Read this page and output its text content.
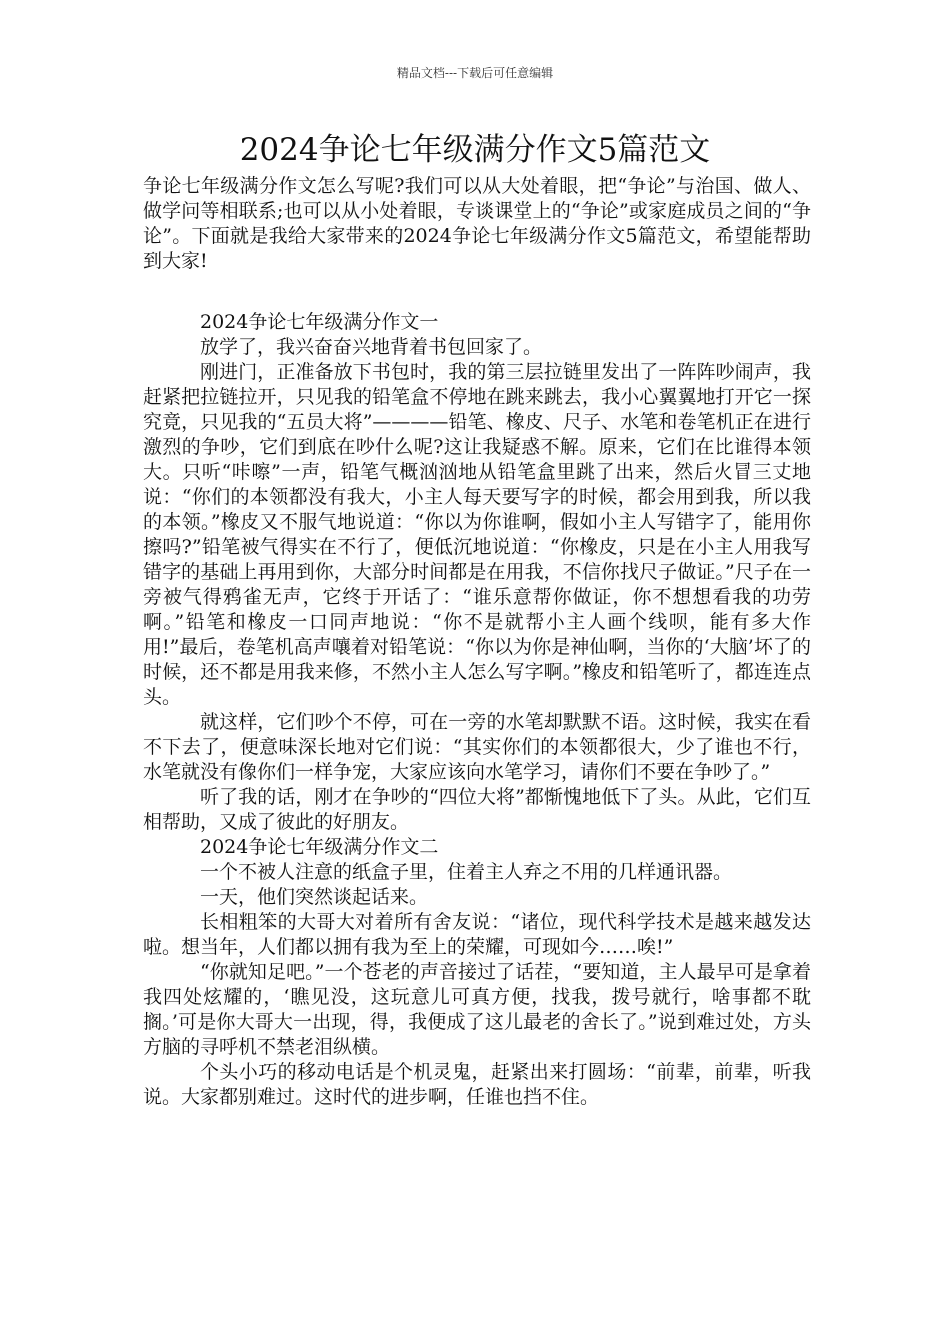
精品文档---下载后可任意编辑
2024争论七年级满分作文5篇范文

争论七年级满分作文怎么写呢?我们可以从大处着眼，把“争论”与治国、做人、做学问等相联系;也可以从小处着眼，专谈课堂上的“争论”或家庭成员之间的“争论”。下面就是我给大家带来的2024争论七年级满分作文5篇范文，希望能帮助到大家!

2024争论七年级满分作文一

放学了，我兴奋奋兴地背着书包回家了。

刚进门，正准备放下书包时，我的第三层拉链里发出了一阵阵吵闹声，我赶紧把拉链拉开，只见我的铅笔盒不停地在跳来跳去，我小心翼翼地打开它一探究竟，只见我的“五员大将”————铅笔、橡皮、尺子、水笔和卷笔机正在进行激烈的争吵，它们到底在吵什么呢?这让我疑惑不解。原来，它们在比谁得本领大。只听“咔嚓”一声，铅笔气概汹汹地从铅笔盒里跳了出来，然后火冒三丈地说：“你们的本领都没有我大，小主人每天要写字的时候，都会用到我，所以我的本领。”橡皮又不服气地说道：“你以为你谁啊，假如小主人写错字了，能用你擦吗?”铅笔被气得实在不行了，便低沉地说道：“你橡皮，只是在小主人用我写错字的基础上再用到你，大部分时间都是在用我，不信你找尺子做证。”尺子在一旁被气得鸦雀无声，它终于开话了：“谁乐意帮你做证，你不想想看我的功劳啊。”铅笔和橡皮一口同声地说：“你不是就帮小主人画个线呗，能有多大作用!”最后，卷笔机高声嚷着对铅笔说：“你以为你是神仙啊，当你的‘大脑’坏了的时候，还不都是用我来修，不然小主人怎么写字啊。”橡皮和铅笔听了，都连连点头。

就这样，它们吵个不停，可在一旁的水笔却默默不语。这时候，我实在看不下去了，便意味深长地对它们说：“其实你们的本领都很大，少了谁也不行，水笔就没有像你们一样争宠，大家应该向水笔学习，请你们不要在争吵了。”

听了我的话，刚才在争吵的“四位大将”都惭愧地低下了头。从此，它们互相帮助，又成了彼此的好朋友。

2024争论七年级满分作文二

一个不被人注意的纸盒子里，住着主人弃之不用的几样通讯器。

一天，他们突然谈起话来。

长相粗笨的大哥大对着所有舍友说：“诸位，现代科学技术是越来越发达啦。想当年，人们都以拥有我为至上的荣耀，可现如今……唉!”

“你就知足吧。”一个苍老的声音接过了话茬，“要知道，主人最早可是拿着我四处炫耀的，‘瞧见没，这玩意儿可真方便，找我，拨号就行，啥事都不耽搁。’可是你大哥大一出现，得，我便成了这儿最老的舍长了。”说到难过处，方头方脑的寻呼机不禁老泪纵横。

个头小巧的移动电话是个机灵鬼，赶紧出来打圆场：“前辈，前辈，听我说。大家都别难过。这时代的进步啊，任谁也挡不住。
